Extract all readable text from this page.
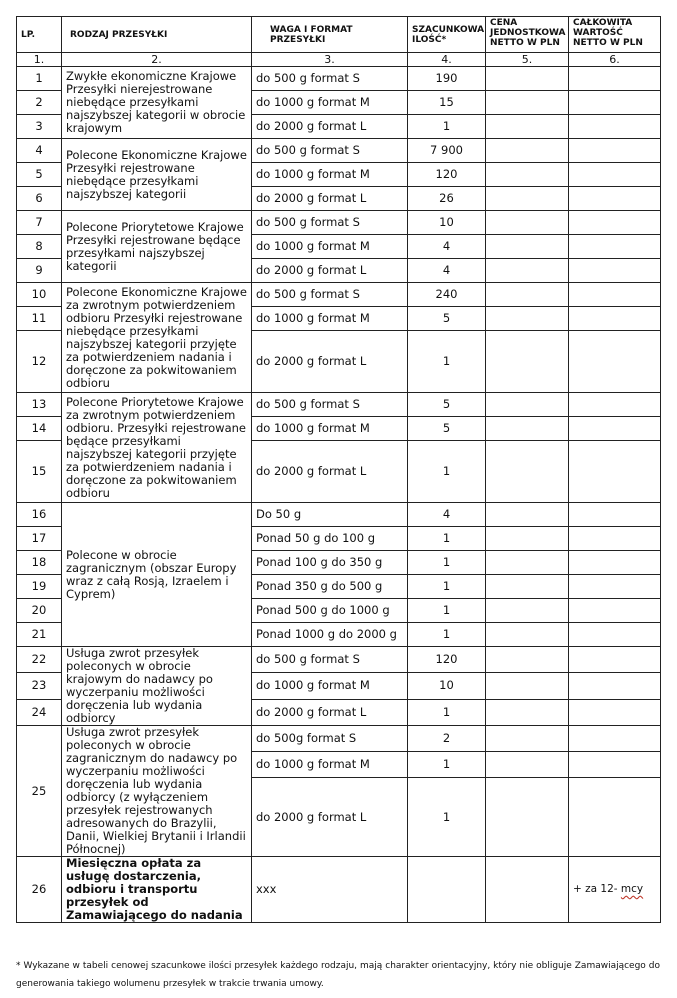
LP.	RODZAJ PRZESYŁKI	WAGA I FORMAT PRZESYŁKI	SZACUNKOWA ILOŚĆ*	CENA JEDNOSTKOWA NETTO W PLN	CAŁKOWITA WARTOŚĆ NETTO W PLN
1.	2.	3.	4.	5.	6.
1	Zwykłe ekonomiczne Krajowe Przesyłki nierejestrowane niebędące przesyłkami najszybszej kategorii w obrocie krajowym	do 500 g format S	190		
2		do 1000 g format M	15		
3		do 2000 g format L	1		
4	Polecone Ekonomiczne Krajowe Przesyłki rejestrowane niebędące przesyłkami najszybszej kategorii	do 500 g format S	7 900		
5		do 1000 g format M	120		
6		do 2000 g format L	26		
7	Polecone Priorytetowe Krajowe Przesyłki rejestrowane będące przesyłkami najszybszej kategorii	do 500 g format S	10		
8		do 1000 g format M	4		
9		do 2000 g format L	4		
10	Polecone Ekonomiczne Krajowe za zwrotnym potwierdzeniem odbioru Przesyłki rejestrowane niebędące przesyłkami najszybszej kategorii przyjęte za potwierdzeniem nadania i doręczone za pokwitowaniem odbioru	do 500 g format S	240		
11		do 1000 g format M	5		
12		do 2000 g format L	1		
13	Polecone Priorytetowe Krajowe za zwrotnym potwierdzeniem odbioru. Przesyłki rejestrowane będące przesyłkami najszybszej kategorii przyjęte za potwierdzeniem nadania i doręczone za pokwitowaniem odbioru	do 500 g format S	5		
14		do 1000 g format M	5		
15		do 2000 g format L	1		
16	Polecone w obrocie zagranicznym (obszar Europy wraz z całą Rosją, Izraelem i Cyprem)	Do 50 g	4		
17		Ponad 50 g do 100 g	1		
18		Ponad 100 g do 350 g	1		
19		Ponad 350 g do 500 g	1		
20		Ponad 500 g do 1000 g	1		
21		Ponad 1000 g do 2000 g	1		
22	Usługa zwrot przesyłek poleconych w obrocie krajowym do nadawcy po wyczerpaniu możliwości doręczenia lub wydania odbiorcy	do 500 g format S	120		
23		do 1000 g format M	10		
24		do 2000 g format L	1		
25	Usługa zwrot przesyłek poleconych w obrocie zagranicznym do nadawcy po wyczerpaniu możliwości doręczenia lub wydania odbiorcy (z wyłączeniem przesyłek rejestrowanych adresowanych do Brazylii, Danii, Wielkiej Brytanii i Irlandii Północnej)	do 500g format S	2		
		do 1000 g format M	1		
		do 2000 g format L	1		
26	Miesięczna opłata za usługę dostarczenia, odbioru i transportu przesyłek od Zamawiającego do nadania	xxx			+ za 12- mcy
* Wykazane w tabeli cenowej szacunkowe ilości przesyłek każdego rodzaju, mają charakter orientacyjny, który nie obliguje Zamawiającego do generowania takiego wolumenu przesyłek w trakcie trwania umowy.
